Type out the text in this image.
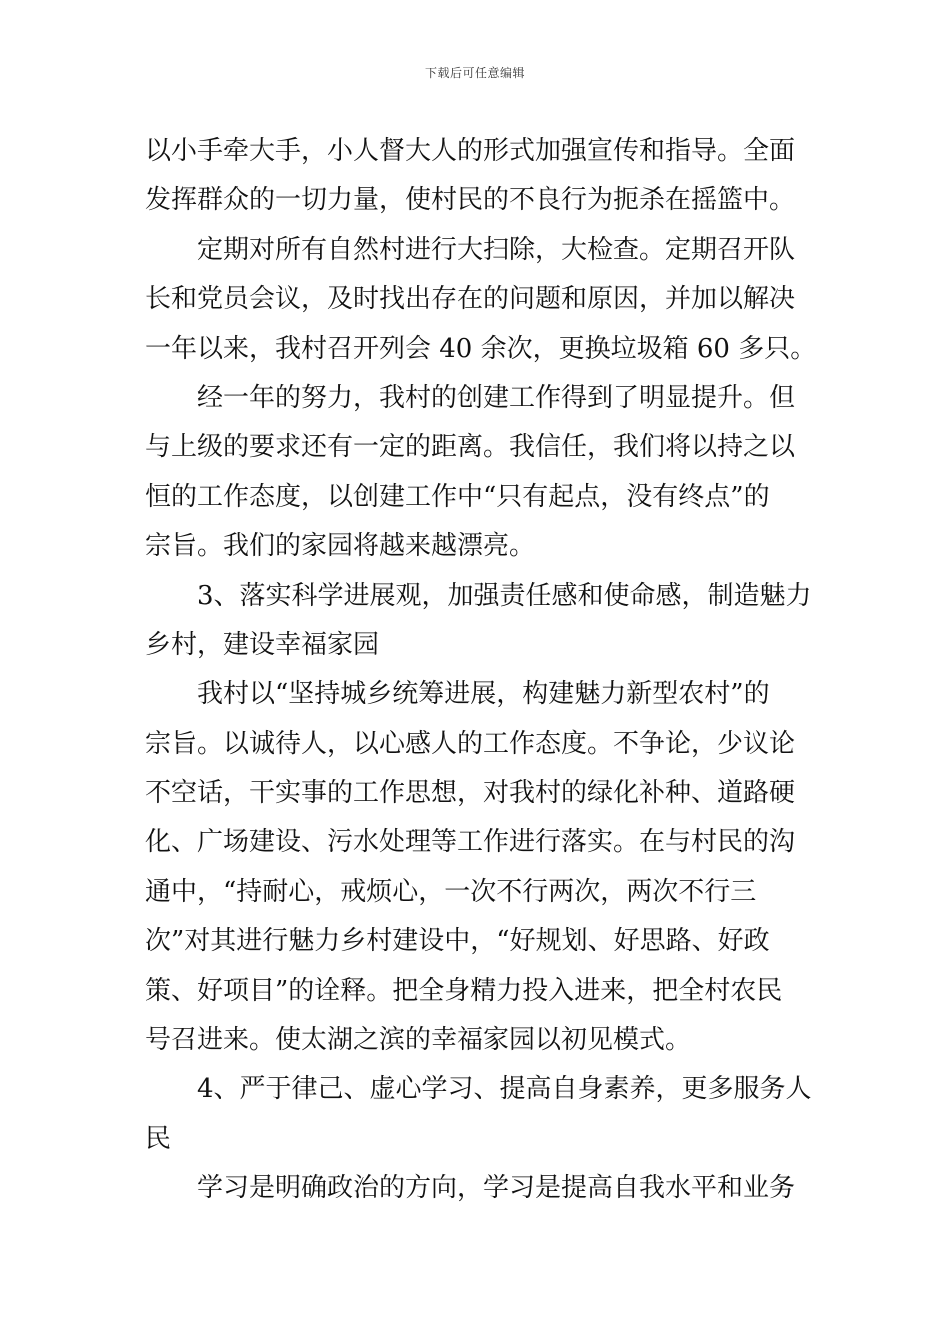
下载后可任意编辑
以小手牵大手，小人督大人的形式加强宣传和指导。全面
发挥群众的一切力量，使村民的不良行为扼杀在摇篮中。
定期对所有自然村进行大扫除，大检查。定期召开队
长和党员会议，及时找出存在的问题和原因，并加以解决
一年以来，我村召开列会 40 余次，更换垃圾箱 60 多只。
经一年的努力，我村的创建工作得到了明显提升。但
与上级的要求还有一定的距离。我信任，我们将以持之以
恒的工作态度，以创建工作中“只有起点，没有终点”的
宗旨。我们的家园将越来越漂亮。
3、落实科学进展观，加强责任感和使命感，制造魅力
乡村，建设幸福家园
我村以“坚持城乡统筹进展，构建魅力新型农村”的
宗旨。以诚待人，以心感人的工作态度。不争论，少议论
不空话，干实事的工作思想，对我村的绿化补种、道路硬
化、广场建设、污水处理等工作进行落实。在与村民的沟
通中，“持耐心，戒烦心，一次不行两次，两次不行三
次”对其进行魅力乡村建设中，“好规划、好思路、好政
策、好项目”的诠释。把全身精力投入进来，把全村农民
号召进来。使太湖之滨的幸福家园以初见模式。
4、严于律己、虚心学习、提高自身素养，更多服务人
民
学习是明确政治的方向，学习是提高自我水平和业务
